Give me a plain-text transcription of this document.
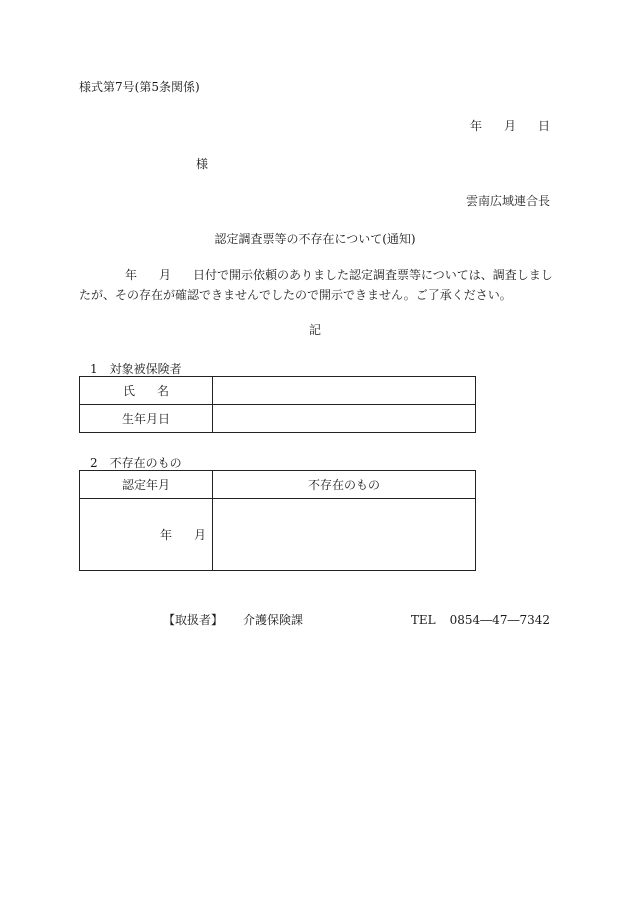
様式第7号(第5条関係)
年 月 日
様
雲南広域連合長
認定調査票等の不存在について(通知)
年 月 日付で開示依頼のありました認定調査票等については、調査しまし
たが、その存在が確認できませんでしたので開示できません。ご了承ください。
記
1　対象被保険者
氏 名	
生年月日	
2　不存在のもの
認定年月	不存在のもの
年 月	
【取扱者】 介護保険課	TEL 0854―47―7342
